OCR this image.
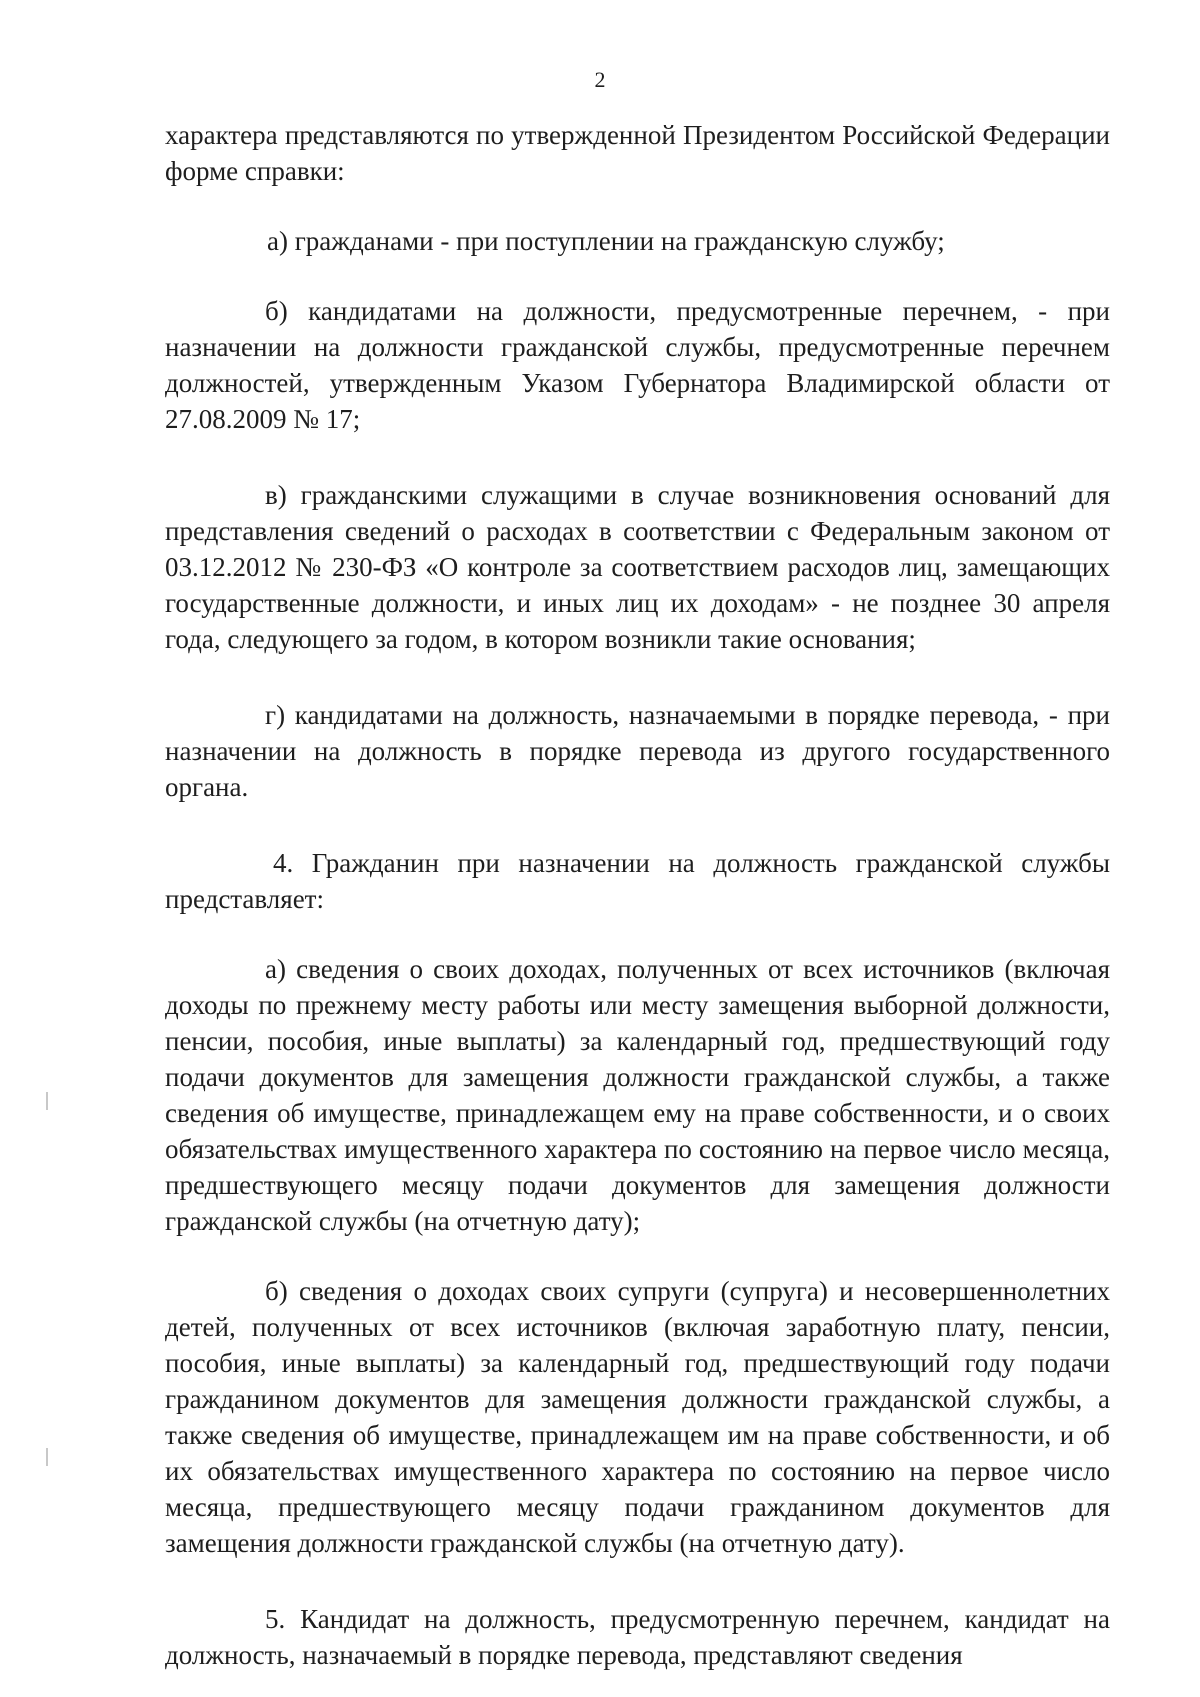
2

характера представляются по утвержденной Президентом Российской Федерации форме справки:

а) гражданами - при поступлении на гражданскую службу;

б) кандидатами на должности, предусмотренные перечнем, - при назначении на должности гражданской службы, предусмотренные перечнем должностей, утвержденным Указом Губернатора Владимирской области от 27.08.2009 № 17;

в) гражданскими служащими в случае возникновения оснований для представления сведений о расходах в соответствии с Федеральным законом от 03.12.2012 № 230-ФЗ «О контроле за соответствием расходов лиц, замещающих государственные должности, и иных лиц их доходам» - не позднее 30 апреля года, следующего за годом, в котором возникли такие основания;

г) кандидатами на должность, назначаемыми в порядке перевода, - при назначении на должность в порядке перевода из другого государственного органа.

4. Гражданин при назначении на должность гражданской службы представляет:

а) сведения о своих доходах, полученных от всех источников (включая доходы по прежнему месту работы или месту замещения выборной должности, пенсии, пособия, иные выплаты) за календарный год, предшествующий году подачи документов для замещения должности гражданской службы, а также сведения об имуществе, принадлежащем ему на праве собственности, и о своих обязательствах имущественного характера по состоянию на первое число месяца, предшествующего месяцу подачи документов для замещения должности гражданской службы (на отчетную дату);

б) сведения о доходах своих супруги (супруга) и несовершеннолетних детей, полученных от всех источников (включая заработную плату, пенсии, пособия, иные выплаты) за календарный год, предшествующий году подачи гражданином документов для замещения должности гражданской службы, а также сведения об имуществе, принадлежащем им на праве собственности, и об их обязательствах имущественного характера по состоянию на первое число месяца, предшествующего месяцу подачи гражданином документов для замещения должности гражданской службы (на отчетную дату).

5. Кандидат на должность, предусмотренную перечнем, кандидат на должность, назначаемый в порядке перевода, представляют сведения
